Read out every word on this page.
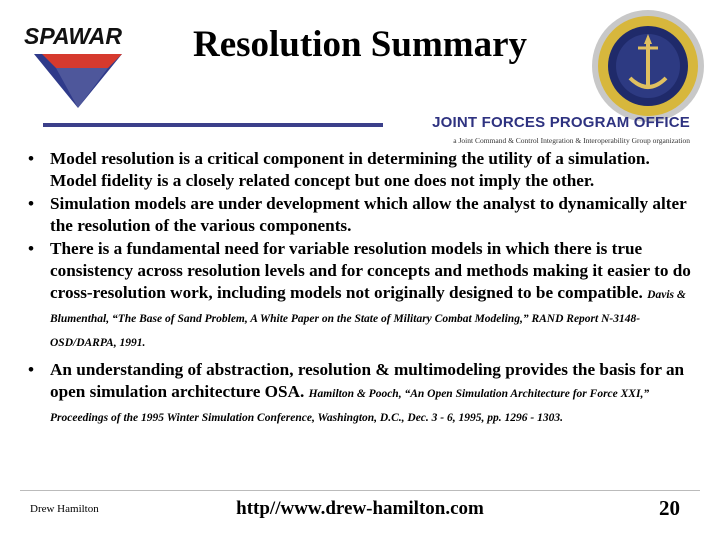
SPAWAR	Resolution Summary
JOINT FORCES PROGRAM OFFICE
a Joint Command & Control Integration & Interoperability Group organization
• Model resolution is a critical component in determining the utility of a simulation. Model fidelity is a closely related concept but one does not imply the other.
• Simulation models are under development which allow the analyst to dynamically alter the resolution of the various components.
• There is a fundamental need for variable resolution models in which there is true consistency across resolution levels and for concepts and methods making it easier to do cross-resolution work, including models not originally designed to be compatible. Davis & Blumenthal, “The Base of Sand Problem, A White Paper on the State of Military Combat Modeling,” RAND Report N-3148-OSD/DARPA, 1991.
• An understanding of abstraction, resolution & multimodeling provides the basis for an open simulation architecture OSA. Hamilton & Pooch, “An Open Simulation Architecture for Force XXI,” Proceedings of the 1995 Winter Simulation Conference, Washington, D.C., Dec. 3 - 6, 1995, pp. 1296 - 1303.
Drew Hamilton	http//www.drew-hamilton.com	20
